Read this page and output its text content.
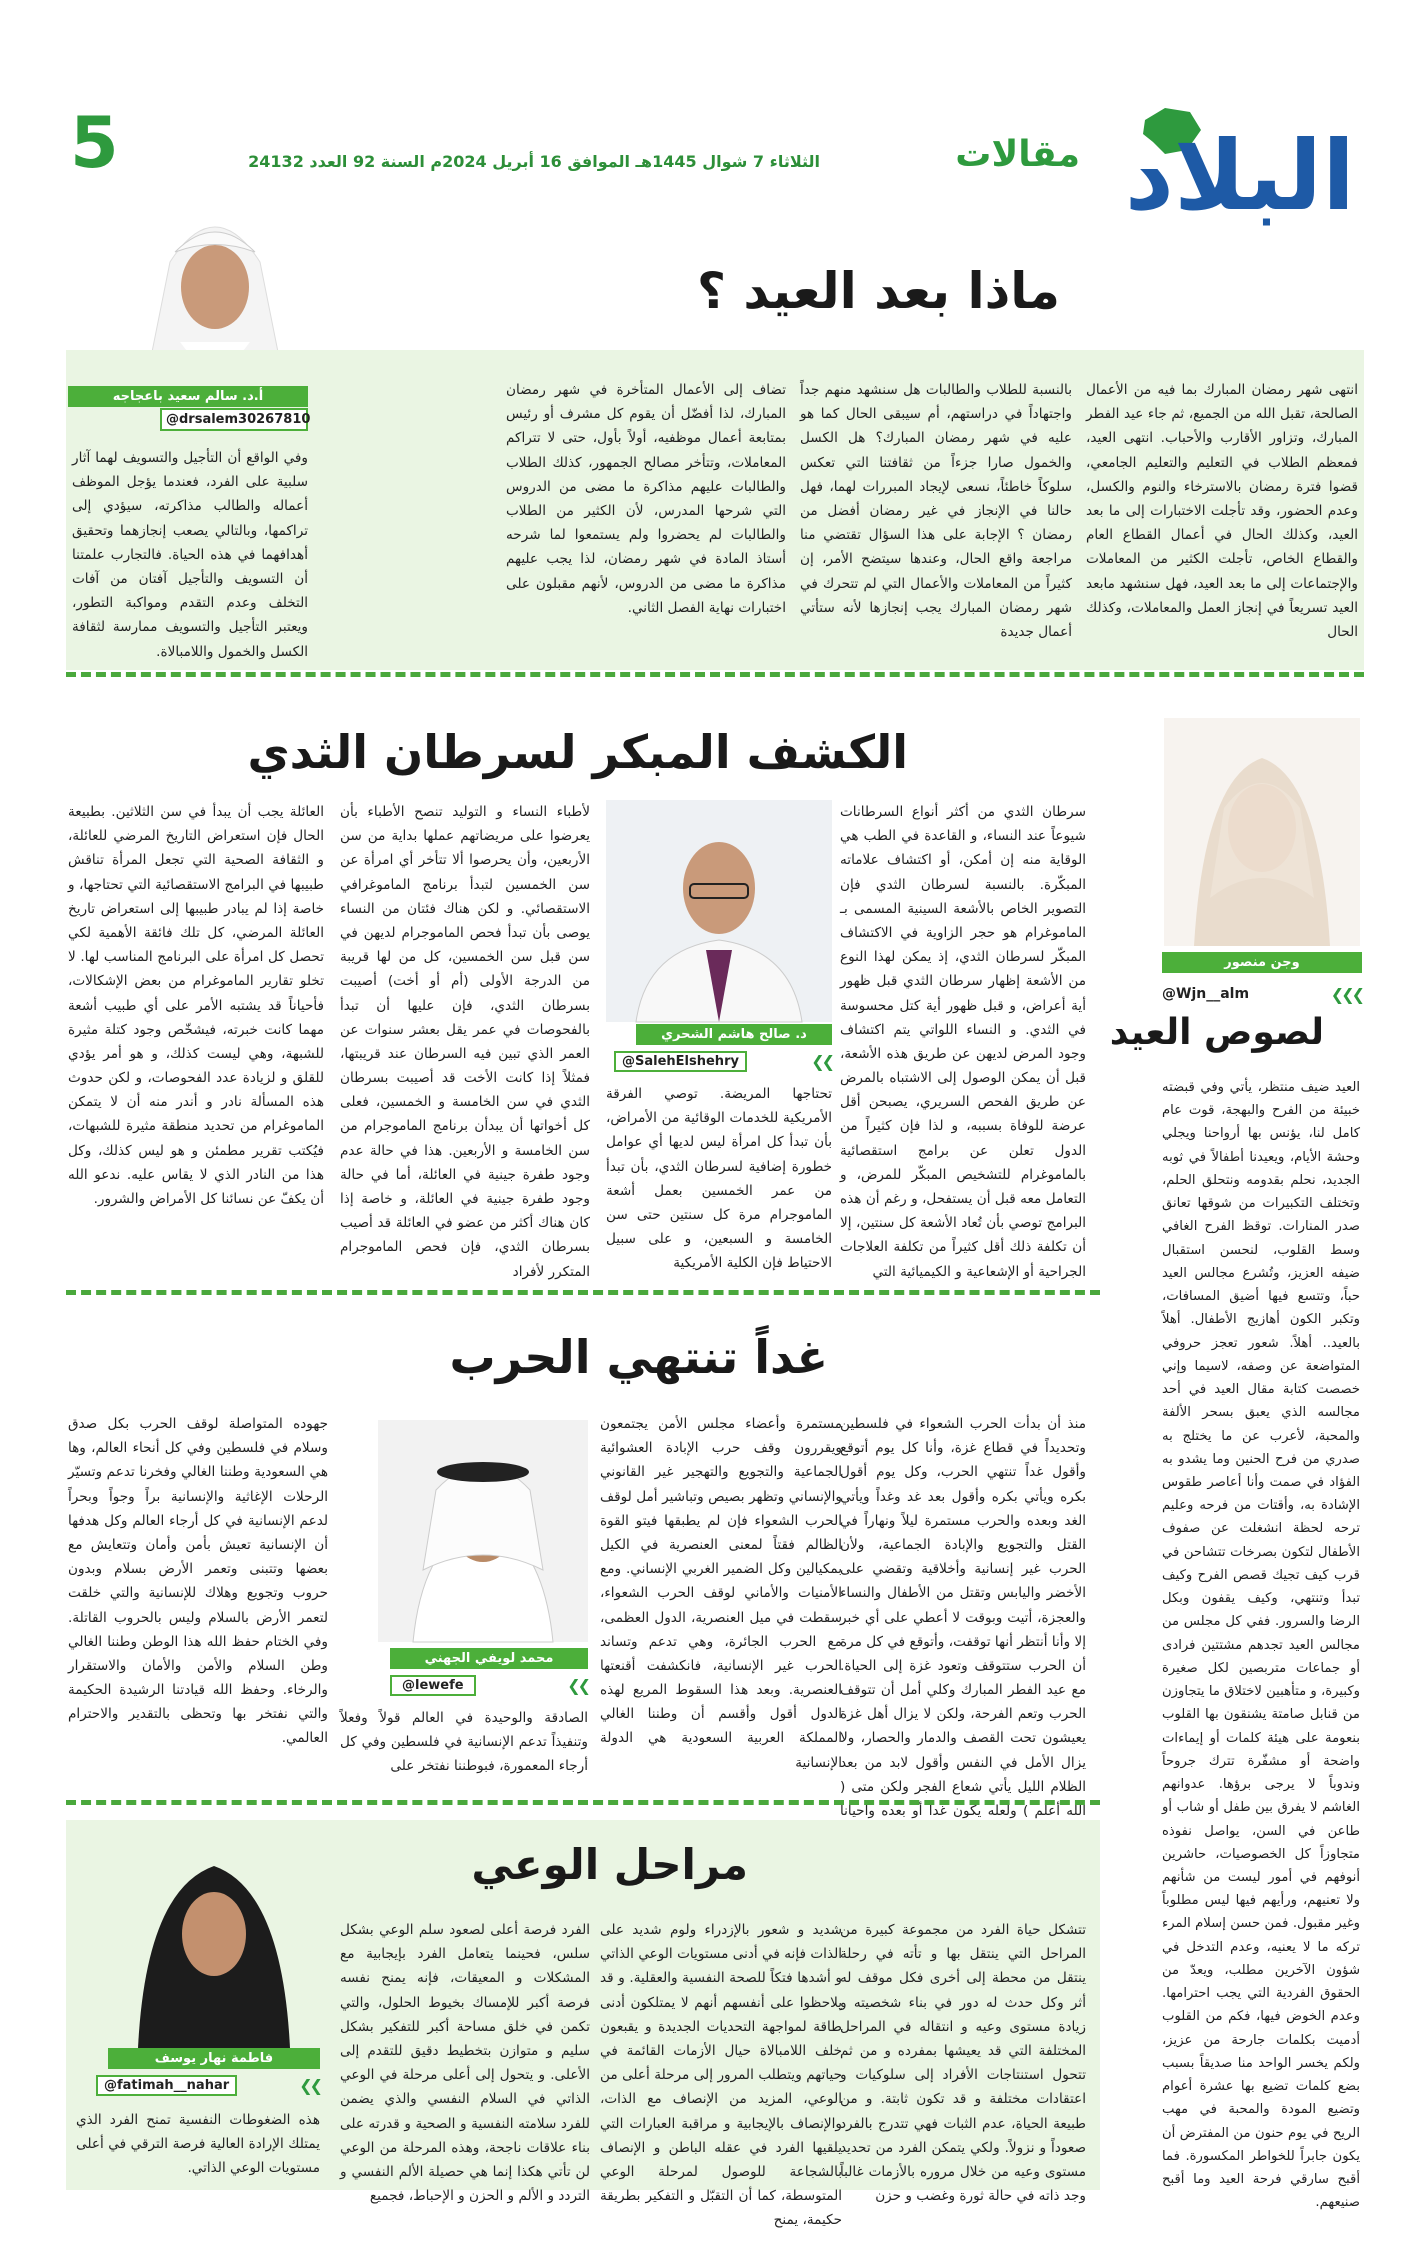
البلاد
مقالات
الثلاثاء 7 شوال 1445هـ الموافق 16 أبريل 2024م السنة 92 العدد 24132
5
ماذا بعد العيد ؟
أ.د. سالم سعيد باعجاجه
@drsalem30267810
انتهى شهر رمضان المبارك بما فيه من الأعمال الصالحة، تقبل الله من الجميع، ثم جاء عيد الفطر المبارك، وتزاور الأقارب والأحباب. انتهى العيد، فمعظم الطلاب في التعليم والتعليم الجامعي، قضوا فترة رمضان بالاسترخاء والنوم والكسل، وعدم الحضور، وقد تأجلت الاختبارات إلى ما بعد العيد، وكذلك الحال في أعمال القطاع العام والقطاع الخاص، تأجلت الكثير من المعاملات والإجتماعات إلى ما بعد العيد، فهل سنشهد مابعد العيد تسريعاً في إنجاز العمل والمعاملات، وكذلك الحال
بالنسبة للطلاب والطالبات هل سنشهد منهم جداً واجتهاداً في دراستهم، أم سيبقى الحال كما هو عليه في شهر رمضان المبارك؟ هل الكسل والخمول صارا جزءاً من ثقافتنا التي تعكس سلوكاً خاطئاً، نسعى لإيجاد المبررات لهما، فهل حالنا في الإنجاز في غير رمضان أفضل من رمضان ؟ الإجابة على هذا السؤال تقتضي منا مراجعة واقع الحال، وعندها سيتضح الأمر، إن كثيراً من المعاملات والأعمال التي لم تتحرك في شهر رمضان المبارك يجب إنجازها لأنه ستأتي أعمال جديدة
تضاف إلى الأعمال المتأخرة في شهر رمضان المبارك، لذا أفضّل أن يقوم كل مشرف أو رئيس بمتابعة أعمال موظفيه، أولاً بأول، حتى لا تتراكم المعاملات، وتتأخر مصالح الجمهور، كذلك الطلاب والطالبات عليهم مذاكرة ما مضى من الدروس التي شرحها المدرس، لأن الكثير من الطلاب والطالبات لم يحضروا ولم يستمعوا لما شرحه أستاذ المادة في شهر رمضان، لذا يجب عليهم مذاكرة ما مضى من الدروس، لأنهم مقبلون على اختبارات نهاية الفصل الثاني.
وفي الواقع أن التأجيل والتسويف لهما آثار سلبية على الفرد، فعندما يؤجل الموظف أعماله والطالب مذاكرته، سيؤدي إلى تراكمها، وبالتالي يصعب إنجازهما وتحقيق أهدافهما في هذه الحياة. فالتجارب علمتنا أن التسويف والتأجيل آفتان من آفات التخلف وعدم التقدم ومواكبة التطور، ويعتبر التأجيل والتسويف ممارسة لثقافة الكسل والخمول واللامبالاة.
وجن منصور
@Wjn__alm	❮❮❮
لصوص العيد
العيد ضيف منتظر، يأتي وفي قبضته خبيئة من الفرح والبهجة، قوت عام كامل لنا، يؤنس بها أرواحنا ويجلي وحشة الأيام، ويعيدنا أطفالاً في ثوبه الجديد، نحلم بقدومه ونتحلق الحلم، وتختلف التكبيرات من شوقها تعانق صدر المنارات. توقظ الفرح الغافي وسط القلوب، لنحسن استقبال ضيفه العزيز، وتُشرع مجالس العيد حباً، وتتسع فيها أضيق المسافات، وتكبر الكون أهازيج الأطفال. أهلاً بالعيد.. أهلاً. شعور تعجز حروفي المتواضعة عن وصفه، لاسيما وإني خصصت كتابة مقال العيد في أحد مجالسه الذي يعبق بسحر الألفة والمحبة، لأعرب عن ما يختلج به صدري من فرح الحنين وما يشدو به الفؤاد في صمت وأنا أعاصر طقوس الإشادة به، وأقتات من فرحه وعليم ترحه لحظة انشغلت عن صفوف الأطفال لتكون بصرخات تتشاحن في قرب كيف تجيك قصص الفرح وكيف تبدأ وتنتهي، وكيف يقفون وبكل الرضا والسرور. ففي كل مجلس من مجالس العيد تجدهم مشتتين فرادى أو جماعات متربصين لكل صغيرة وكبيرة، و متأهبين لاختلاق ما يتجاوزن من قنابل صامتة يشنقون بها القلوب بنعومة على هيئة كلمات أو إيماءات واضحة أو مشفّرة تترك جروحاً وندوباً لا يرجى برؤها. عدوانهم الغاشم لا يفرق بين طفل أو شاب أو طاعن في السن، يواصل نفوذه متجاوزاً كل الخصوصيات، حاشرين أنوفهم في أمور ليست من شأنهم ولا تعنيهم، ورأيهم فيها ليس مطلوباً وغير مقبول. فمن حسن إسلام المرء تركه ما لا يعنيه، وعدم التدخل في شؤون الآخرين مطلب، ويعدّ من الحقوق الفردية التي يجب احترامها. وعدم الخوض فيها، فكم من القلوب أدميت بكلمات جارحة من عزيز، ولكم يخسر الواحد منا صديقاً بسبب بضع كلمات تضيع بها عشرة أعوام وتضيع المودة والمحبة في مهب الريح في يوم حنون من المفترض أن يكون جابراً للخواطر المكسورة. فما أقبح سارقي فرحة العيد وما أقبح صنيعهم.
الكشف المبكر لسرطان الثدي
د. صالح هاشم الشحري
@SalehElshehry	❮❮
سرطان الثدي من أكثر أنواع السرطانات شيوعاً عند النساء، و القاعدة في الطب هي الوقاية منه إن أمكن، أو اكتشاف علاماته المبكّرة. بالنسبة لسرطان الثدي فإن التصوير الخاص بالأشعة السينية المسمى بـ الماموغرام هو حجر الزاوية في الاكتشاف المبكّر لسرطان الثدي، إذ يمكن لهذا النوع من الأشعة إظهار سرطان الثدي قبل ظهور أية أعراض، و قبل ظهور أية كتل محسوسة في الثدي. و النساء اللواتي يتم اكتشاف وجود المرض لديهن عن طريق هذه الأشعة، قبل أن يمكن الوصول إلى الاشتباه بالمرض عن طريق الفحص السريري، يصبحن أقل عرضة للوفاة بسببه، و لذا فإن كثيراً من الدول تعلن عن برامج استقصائية بالماموغرام للتشخيص المبكّر للمرض، و التعامل معه قبل أن يستفحل، و رغم أن هذه البرامج توصي بأن تُعاد الأشعة كل سنتين، إلا أن تكلفة ذلك أقل كثيراً من تكلفة العلاجات الجراحية أو الإشعاعية و الكيميائية التي
تحتاجها المريضة. توصي الفرقة الأمريكية للخدمات الوقائية من الأمراض، بأن تبدأ كل امرأة ليس لديها أي عوامل خطورة إضافية لسرطان الثدي، بأن تبدأ من عمر الخمسين بعمل أشعة الماموجرام مرة كل سنتين حتى سن الخامسة و السبعين، و على سبيل الاحتياط فإن الكلية الأمريكية
لأطباء النساء و التوليد تنصح الأطباء بأن يعرضوا على مريضاتهم عملها بداية من سن الأربعين، وأن يحرصوا ألا تتأخر أي امرأة عن سن الخمسين لتبدأ برنامج الماموغرافي الاستقصائي. و لكن هناك فئتان من النساء يوصى بأن تبدأ فحص الماموجرام لديهن في سن قبل سن الخمسين، كل من لها قريبة من الدرجة الأولى (أم أو أخت) أصيبت بسرطان الثدي، فإن عليها أن تبدأ بالفحوصات في عمر يقل بعشر سنوات عن العمر الذي تبين فيه السرطان عند قريبتها، فمثلاً إذا كانت الأخت قد أصيبت بسرطان الثدي في سن الخامسة و الخمسين، فعلى كل أخواتها أن يبدأن برنامج الماموجرام من سن الخامسة و الأربعين. هذا في حالة عدم وجود طفرة جينية في العائلة، أما في حالة وجود طفرة جينية في العائلة، و خاصة إذا كان هناك أكثر من عضو في العائلة قد أصيب بسرطان الثدي، فإن فحص الماموجرام المتكرر لأفراد
العائلة يجب أن يبدأ في سن الثلاثين. بطبيعة الحال فإن استعراض التاريخ المرضي للعائلة، و الثقافة الصحية التي تجعل المرأة تناقش طبيبها في البرامج الاستقصائية التي تحتاجها، و خاصة إذا لم يبادر طبيبها إلى استعراض تاريخ العائلة المرضي، كل تلك فائقة الأهمية لكي تحصل كل امرأة على البرنامج المناسب لها. لا تخلو تقارير الماموغرام من بعض الإشكالات، فأحياناً قد يشتبه الأمر على أي طبيب أشعة مهما كانت خبرته، فيشخّص وجود كتلة مثيرة للشبهة، وهي ليست كذلك، و هو أمر يؤدي للقلق و لزيادة عدد الفحوصات، و لكن حدوث هذه المسألة نادر و أندر منه أن لا يتمكن الماموغرام من تحديد منطقة مثيرة للشبهات، فيُكتب تقرير مطمئن و هو ليس كذلك، وكل هذا من النادر الذي لا يقاس عليه. ندعو الله أن يكفّ عن نسائنا كل الأمراض والشرور.
غداً تنتهي الحرب
محمد لويفي الجهني
@lewefe	❮❮
منذ أن بدأت الحرب الشعواء في فلسطين وتحديداً في قطاع غزة، وأنا كل يوم أتوقع وأقول غداً تنتهي الحرب، وكل يوم أقول بكره ويأتي بكره وأقول بعد غد وغداً ويأتي الغد وبعده والحرب مستمرة ليلاً ونهاراً في القتل والتجويع والإبادة الجماعية، ولأن الحرب غير إنسانية وأخلاقية وتقضي على الأخضر واليابس وتقتل من الأطفال والنساء والعجزة، أتيت وبوقت لا أعطي على أي خبر إلا وأنا أنتظر أنها توقفت، وأتوقع في كل مرة أن الحرب ستتوقف وتعود غزة إلى الحياة. مع عيد الفطر المبارك وكلي أمل أن تتوقف الحرب وتعم الفرحة، ولكن لا يزال أهل غزة يعيشون تحت القصف والدمار والحصار، ولا يزال الأمل في النفس وأقول لابد من بعد الظلام الليل يأتي شعاع الفجر ولكن متى ( الله أعلم ) ولعله يكون غداً أو بعده وأحياناً
مستمرة وأعضاء مجلس الأمن يجتمعون ويقررون وقف حرب الإبادة العشوائية الجماعية والتجويع والتهجير غير القانوني والإنساني وتظهر بصيص وتباشير أمل لوقف الحرب الشعواء فإن لم يطبقها فيتو القوة الظالم فقتاً لمعنى العنصرية في الكيل بمكيالين وكل الضمير الغربي الإنساني. ومع الأمنيات والأماني لوقف الحرب الشعواء، سقطت في ميل العنصرية، الدول العظمى، مع الحرب الجائرة، وهي تدعم وتساند الحرب غير الإنسانية، فانكشفت أقنعتها العنصرية. وبعد هذا السقوط المريع لهذه الدول أقول وأقسم أن وطننا الغالي المملكة العربية السعودية هي الدولة الإنسانية
الصادقة والوحيدة في العالم قولاً وفعلاً وتنفيذاً تدعم الإنسانية في فلسطين وفي كل أرجاء المعمورة، فبوطننا نفتخر على
جهوده المتواصلة لوقف الحرب بكل صدق وسلام في فلسطين وفي كل أنحاء العالم، وها هي السعودية وطننا الغالي وفخرنا تدعم وتسيّر الرحلات الإغاثية والإنسانية براً وجواً وبحراً لدعم الإنسانية في كل أرجاء العالم وكل هدفها أن الإنسانية تعيش بأمن وأمان وتتعايش مع بعضها وتتبنى وتعمر الأرض بسلام وبدون حروب وتجويع وهلاك للإنسانية والتي خلقت لتعمر الأرض بالسلام وليس بالحروب القاتلة. وفي الختام حفظ الله هذا الوطن وطننا الغالي وطن السلام والأمن والأمان والاستقرار والرخاء. وحفظ الله قيادتنا الرشيدة الحكيمة والتي نفتخر بها وتحظى بالتقدير والاحترام العالمي.
مراحل الوعي
فاطمة نهار يوسف
@fatimah__nahar	❮❮
تتشكل حياة الفرد من مجموعة كبيرة من المراحل التي ينتقل بها و تأته في رحلة ينتقل من محطة إلى أخرى فكل موقف له أثر وكل حدث له دور في بناء شخصيته و زيادة مستوى وعيه و انتقاله في المراحل المختلفة التي قد يعيشها بمفرده و من ثم تتحول استنتاجات الأفراد إلى سلوكيات و اعتقادات مختلفة و قد تكون ثابتة. و من طبيعة الحياة، عدم الثبات فهي تتدرج بالفرد صعوداً و نزولاً. ولكي يتمكن الفرد من تحديد مستوى وعيه من خلال مروره بالأزمات غالباً وجد ذاته في حالة ثورة وغضب و حزن
شديد و شعور بالإزدراء ولوم شديد على الذات فإنه في أدنى مستويات الوعي الذاتي و أشدها فتكاً للصحة النفسية والعقلية. و قد يلاحظوا على أنفسهم أنهم لا يمتلكون أدنى طاقة لمواجهة التحديات الجديدة و يقبعون خلف اللامبالاة حيال الأزمات القائمة في حياتهم ويتطلب المرور إلى مرحلة أعلى من الوعي، المزيد من الإنصاف مع الذات، والإنصاف بالإيجابية و مراقبة العبارات التي يلقيها الفرد في عقله الباطن و الإنصاف بالشجاعة للوصول لمرحلة الوعي المتوسطة، كما أن التقبّل و التفكير بطريقة حكيمة، يمنح
الفرد فرصة أعلى لصعود سلم الوعي بشكل سلس، فحينما يتعامل الفرد بإيجابية مع المشكلات و المعيقات، فإنه يمنح نفسه فرصة أكبر للإمساك بخيوط الحلول، والتي تكمن في خلق مساحة أكبر للتفكير بشكل سليم و متوازن بتخطيط دقيق للتقدم إلى الأعلى. و يتحول إلى أعلى مرحلة في الوعي الذاتي في السلام النفسي والذي يضمن للفرد سلامته النفسية و الصحية و قدرته على بناء علاقات ناجحة، وهذه المرحلة من الوعي لن تأتي هكذا إنما هي حصيلة الألم النفسي و التردد و الألم و الحزن و الإحباط، فجميع
هذه الضغوطات النفسية تمنح الفرد الذي يمتلك الإرادة العالية فرصة الترقي في أعلى مستويات الوعي الذاتي.
